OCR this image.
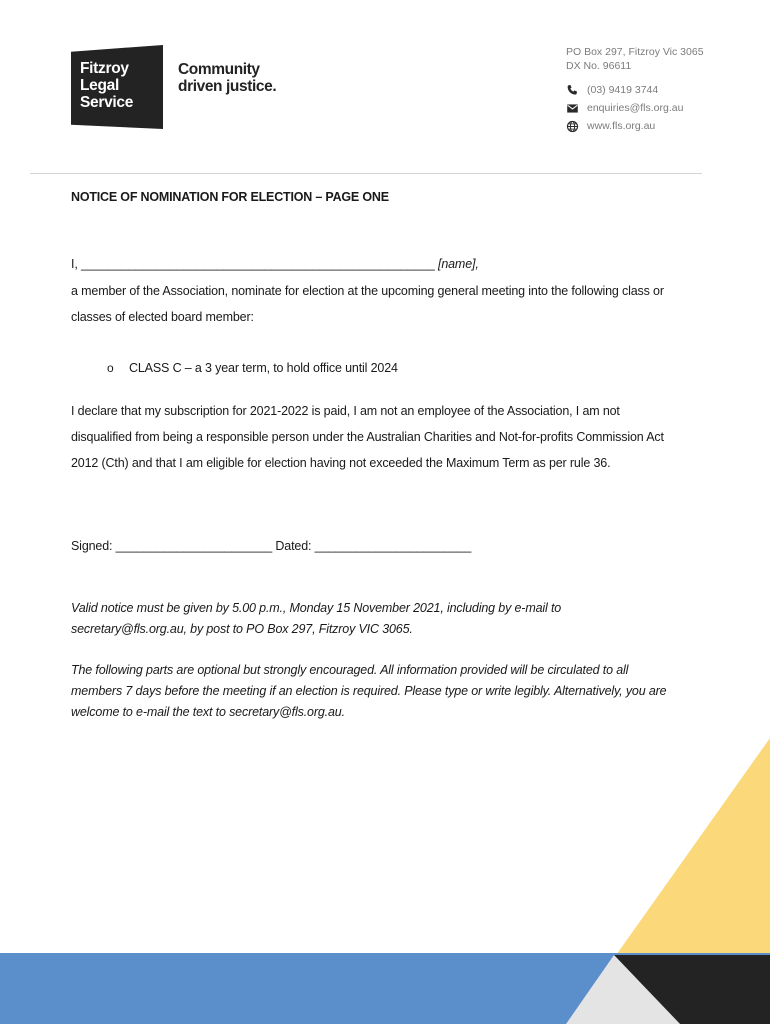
Fitzroy
Legal
Service
Community
driven justice.
PO Box 297, Fitzroy Vic 3065
DX No. 96611
(03) 9419 3744
enquiries@fls.org.au
www.fls.org.au
NOTICE OF NOMINATION FOR ELECTION – PAGE ONE
I, ____________________________________________________ [name],
a member of the Association, nominate for election at the upcoming general meeting into the following class or
classes of elected board member:
o CLASS C – a 3 year term, to hold office until 2024
I declare that my subscription for 2021-2022 is paid, I am not an employee of the Association, I am not
disqualified from being a responsible person under the Australian Charities and Not-for-profits Commission Act
2012 (Cth) and that I am eligible for election having not exceeded the Maximum Term as per rule 36.
Signed: _______________________ Dated: _______________________
Valid notice must be given by 5.00 p.m., Monday 15 November 2021, including by e-mail to
secretary@fls.org.au, by post to PO Box 297, Fitzroy VIC 3065.
The following parts are optional but strongly encouraged. All information provided will be circulated to all
members 7 days before the meeting if an election is required. Please type or write legibly. Alternatively, you are
welcome to e-mail the text to secretary@fls.org.au.
